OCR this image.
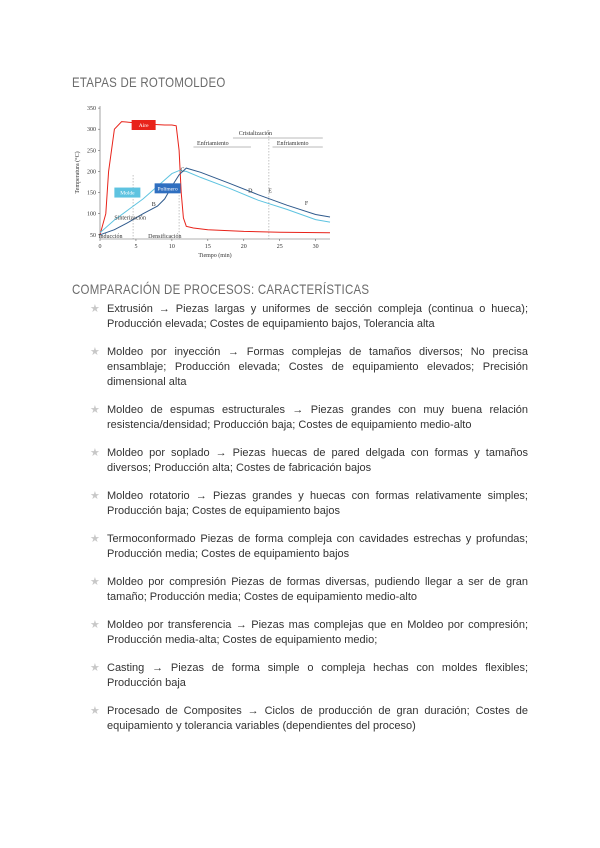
ETAPAS DE ROTOMOLDEO
0	5	10	15	20	25	30
50
100
150
200
250
300
350
Tiempo (min)
Temperatura (°C)
Aire
Molde
Polímero
Cristalización
Enfriamiento	Enfriamiento
Sinterización
Inducción	Densificación
B
C
D	E
F
COMPARACIÓN DE PROCESOS: CARACTERÍSTICAS
★ Extrusión → Piezas largas y uniformes de sección compleja (continua o hueca); Producción elevada; Costes de equipamiento bajos, Tolerancia alta
★ Moldeo por inyección → Formas complejas de tamaños diversos; No precisa ensamblaje; Producción elevada; Costes de equipamiento elevados; Precisión dimensional alta
★ Moldeo de espumas estructurales → Piezas grandes con muy buena relación resistencia/densidad; Producción baja; Costes de equipamiento medio-alto
★ Moldeo por soplado → Piezas huecas de pared delgada con formas y tamaños diversos; Producción alta; Costes de fabricación bajos
★ Moldeo rotatorio → Piezas grandes y huecas con formas relativamente simples; Producción baja; Costes de equipamiento bajos
★ Termoconformado Piezas de forma compleja con cavidades estrechas y profundas; Producción media; Costes de equipamiento bajos
★ Moldeo por compresión Piezas de formas diversas, pudiendo llegar a ser de gran tamaño; Producción media; Costes de equipamiento medio-alto
★ Moldeo por transferencia → Piezas mas complejas que en Moldeo por compresión; Producción media-alta; Costes de equipamiento medio;
★ Casting → Piezas de forma simple o compleja hechas con moldes flexibles; Producción baja
★ Procesado de Composites → Ciclos de producción de gran duración; Costes de equipamiento y tolerancia variables (dependientes del proceso)
